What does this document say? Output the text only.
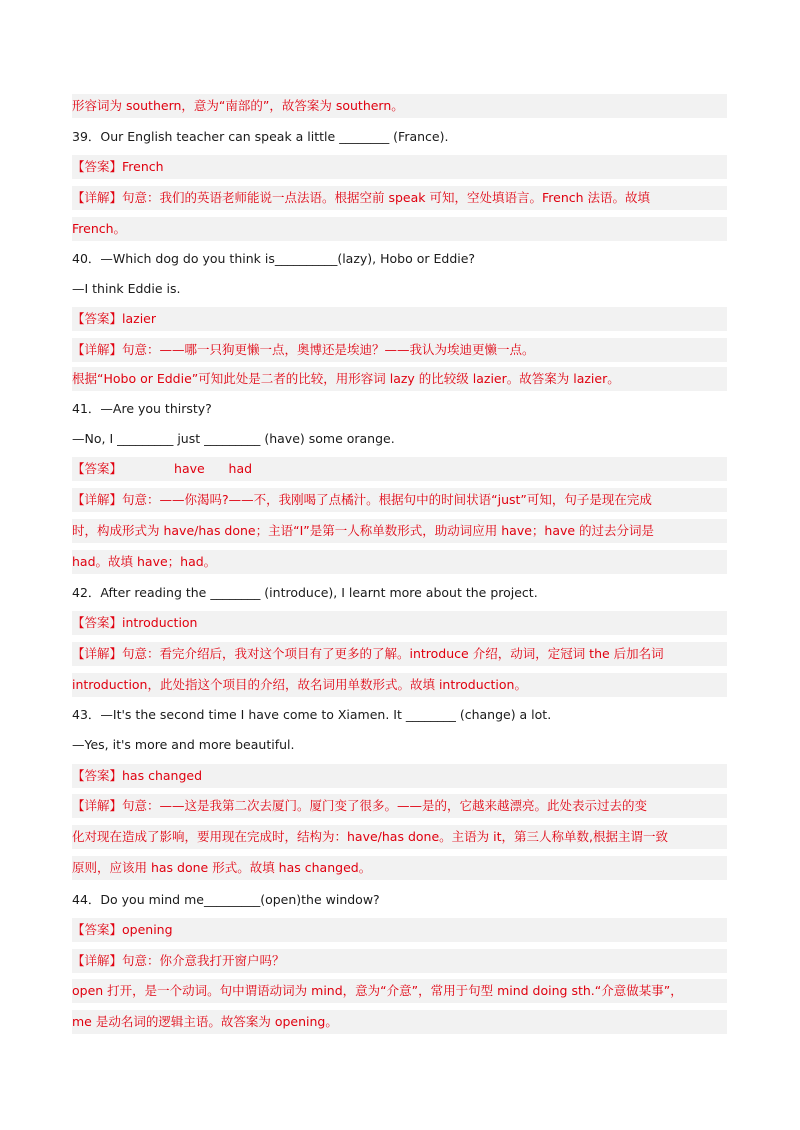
形容词为 southern，意为“南部的”，故答案为 southern。
39．Our English teacher can speak a little ________ (France).
【答案】French
【详解】句意：我们的英语老师能说一点法语。根据空前 speak 可知，空处填语言。French 法语。故填
French。
40．—Which dog do you think is__________(lazy), Hobo or Eddie?
—I think Eddie is.
【答案】lazier
【详解】句意：——哪一只狗更懒一点，奥博还是埃迪？——我认为埃迪更懒一点。
根据“Hobo or Eddie”可知此处是二者的比较，用形容词 lazy 的比较级 lazier。故答案为 lazier。
41．—Are you thirsty?
—No, I _________ just _________ (have) some orange.
【答案】	have had
【详解】句意：——你渴吗?——不，我刚喝了点橘汁。根据句中的时间状语“just”可知，句子是现在完成
时，构成形式为 have/has done；主语“I”是第一人称单数形式，助动词应用 have；have 的过去分词是
had。故填 have；had。
42．After reading the ________ (introduce), I learnt more about the project.
【答案】introduction
【详解】句意：看完介绍后，我对这个项目有了更多的了解。introduce 介绍，动词，定冠词 the 后加名词
introduction，此处指这个项目的介绍，故名词用单数形式。故填 introduction。
43．—It's the second time I have come to Xiamen. It ________ (change) a lot.
—Yes, it's more and more beautiful.
【答案】has changed
【详解】句意：——这是我第二次去厦门。厦门变了很多。——是的，它越来越漂亮。此处表示过去的变
化对现在造成了影响，要用现在完成时，结构为：have/has done。主语为 it，第三人称单数,根据主谓一致
原则，应该用 has done 形式。故填 has changed。
44．Do you mind me_________(open)the window?
【答案】opening
【详解】句意：你介意我打开窗户吗？
open 打开，是一个动词。句中谓语动词为 mind，意为“介意”，常用于句型 mind doing sth.“介意做某事”，
me 是动名词的逻辑主语。故答案为 opening。
